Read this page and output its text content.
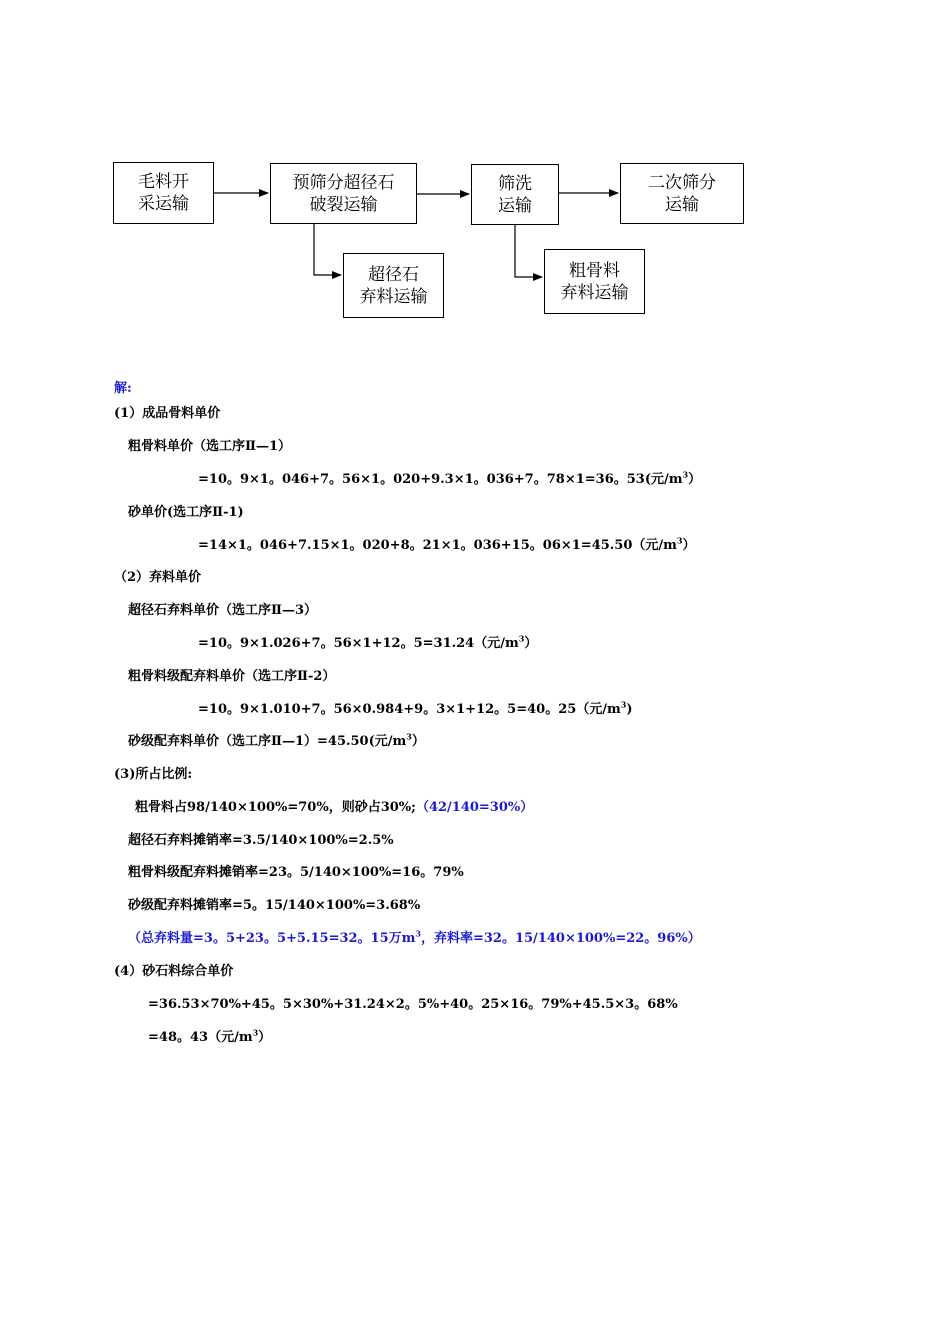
毛料开
采运输
预筛分超径石
破裂运输
筛洗
运输
二次筛分
运输
超径石
弃料运输
粗骨料
弃料运输
解:
(1）成品骨料单价
粗骨料单价（选工序Ⅱ—1）
=10。9×1。046+7。56×1。020+9.3×1。036+7。78×1=36。53(元$/m^3$）
砂单价(选工序Ⅱ-1)
=14×1。046+7.15×1。020+8。21×1。036+15。06×1=45.50（元$/m^3$）
（2）弃料单价
超径石弃料单价（选工序Ⅱ—3）
=10。9×1.026+7。56×1+12。5=31.24（元$/m^3$）
粗骨料级配弃料单价（选工序Ⅱ-2）
=10。9×1.010+7。56×0.984+9。3×1+12。5=40。25（元$/m^3$)
砂级配弃料单价（选工序Ⅱ—1）=45.50(元$/m^3$）
(3)所占比例:
粗骨料占98/140×100%=70%，则砂占30%;（42/140=30%）
超径石弃料摊销率=3.5/140×100%=2.5%
粗骨料级配弃料摊销率=23。5/140×100%=16。79%
砂级配弃料摊销率=5。15/140×100%=3.68%
（总弃料量=3。5+23。5+5.15=32。15万$m^3$，弃料率=32。15/140×100%=22。96%）
(4）砂石料综合单价
=36.53×70%+45。5×30%+31.24×2。5%+40。25×16。79%+45.5×3。68%
=48。43（元$/m^3$）
